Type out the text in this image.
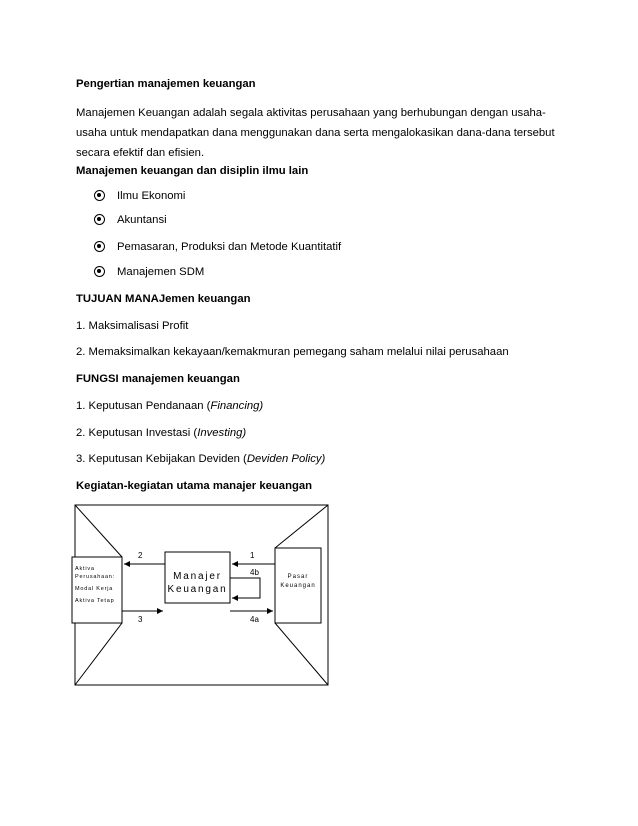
Pengertian manajemen keuangan
Manajemen Keuangan adalah segala aktivitas perusahaan yang berhubungan dengan usaha-usaha untuk mendapatkan dana menggunakan dana serta mengalokasikan dana-dana tersebut secara efektif dan efisien.
Manajemen keuangan dan disiplin ilmu lain
Ilmu Ekonomi
Akuntansi
Pemasaran, Produksi dan Metode Kuantitatif
Manajemen SDM
TUJUAN MANAJemen keuangan
1. Maksimalisasi Profit
2. Memaksimalkan kekayaan/kemakmuran pemegang saham melalui nilai perusahaan
FUNGSI manajemen keuangan
1. Keputusan Pendanaan (Financing)
2. Keputusan Investasi (Investing)
3. Keputusan Kebijakan Deviden (Deviden Policy)
Kegiatan-kegiatan utama manajer keuangan
2	1
4b
3	4a
Aktiva
Perusahaan:
Modal Kerja
Aktiva Tetap
Manajer
Keuangan
Pasar
Keuangan
